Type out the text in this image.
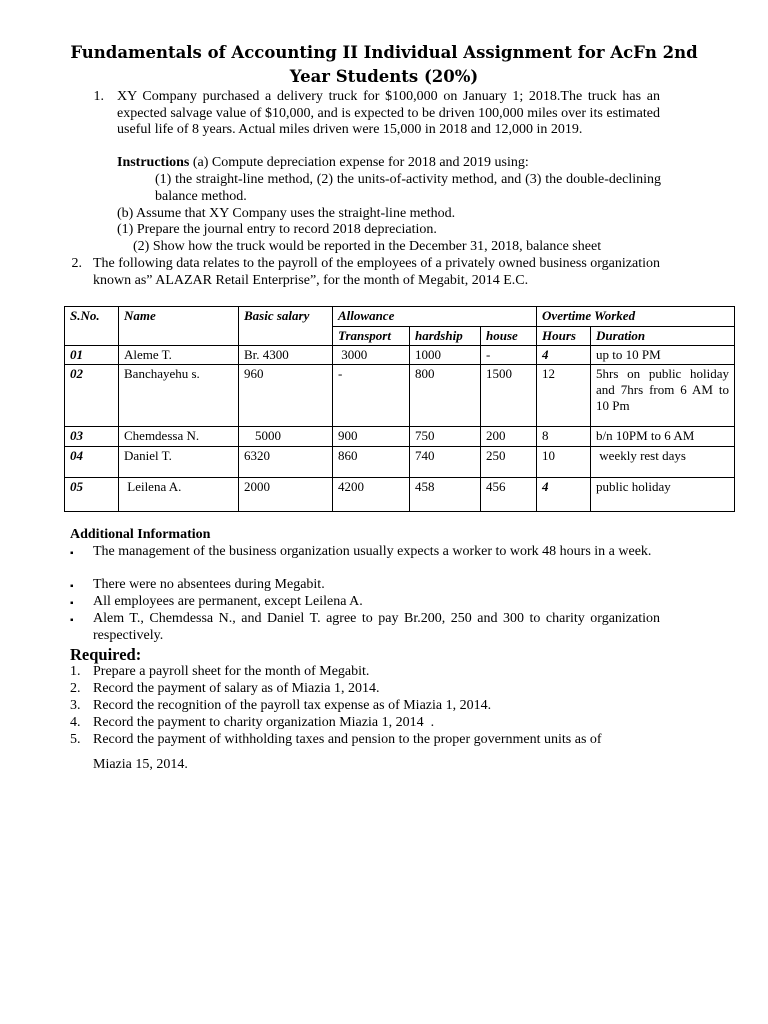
Fundamentals of Accounting II Individual Assignment for AcFn 2nd Year Students (20%)
1. XY Company purchased a delivery truck for $100,000 on January 1; 2018.The truck has an expected salvage value of $10,000, and is expected to be driven 100,000 miles over its estimated useful life of 8 years. Actual miles driven were 15,000 in 2018 and 12,000 in 2019.
Instructions (a) Compute depreciation expense for 2018 and 2019 using:
(1) the straight-line method, (2) the units-of-activity method, and (3) the double-declining balance method.
(b) Assume that XY Company uses the straight-line method.
(1) Prepare the journal entry to record 2018 depreciation.
(2) Show how the truck would be reported in the December 31, 2018, balance sheet
2. The following data relates to the payroll of the employees of a privately owned business organization known as” ALAZAR Retail Enterprise”, for the month of Megabit, 2014 E.C.
S.No.	Name	Basic salary	Allowance			Overtime Worked	
			Transport	hardship	house	Hours	Duration
01	Aleme T.	Br. 4300	3000	1000	-	4	up to 10 PM
02	Banchayehu s.	960	-	800	1500	12	5hrs on public holiday and 7hrs from 6 AM to 10 Pm
03	Chemdessa N.	5000	900	750	200	8	b/n 10PM to 6 AM
04	Daniel T.	6320	860	740	250	10	weekly rest days
05	Leilena A.	2000	4200	458	456	4	public holiday
Additional Information
▪ The management of the business organization usually expects a worker to work 48 hours in a week.
▪ There were no absentees during Megabit.
▪ All employees are permanent, except Leilena A.
▪ Alem T., Chemdessa N., and Daniel T. agree to pay Br.200, 250 and 300 to charity organization respectively.
Required:
1. Prepare a payroll sheet for the month of Megabit.
2. Record the payment of salary as of Miazia 1, 2014.
3. Record the recognition of the payroll tax expense as of Miazia 1, 2014.
4. Record the payment to charity organization Miazia 1, 2014  .
5. Record the payment of withholding taxes and pension to the proper government units as of
Miazia 15, 2014.
